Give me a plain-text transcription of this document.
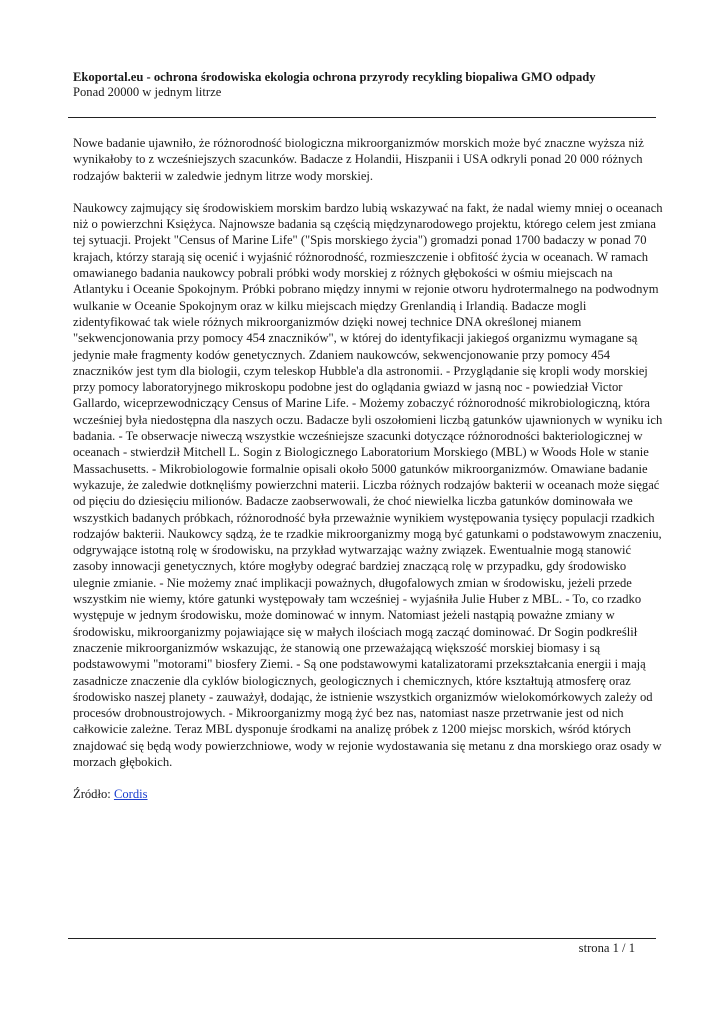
Ekoportal.eu - ochrona środowiska ekologia ochrona przyrody recykling biopaliwa GMO odpady

Ponad 20000 w jednym litrze

Nowe badanie ujawniło, że różnorodność biologiczna mikroorganizmów morskich może być znaczne wyższa niż wynikałoby to z wcześniejszych szacunków. Badacze z Holandii, Hiszpanii i USA odkryli ponad 20 000 różnych rodzajów bakterii w zaledwie jednym litrze wody morskiej.

Naukowcy zajmujący się środowiskiem morskim bardzo lubią wskazywać na fakt, że nadal wiemy mniej o oceanach niż o powierzchni Księżyca. Najnowsze badania są częścią międzynarodowego projektu, którego celem jest zmiana tej sytuacji. Projekt "Census of Marine Life" ("Spis morskiego życia") gromadzi ponad 1700 badaczy w ponad 70 krajach, którzy starają się ocenić i wyjaśnić różnorodność, rozmieszczenie i obfitość życia w oceanach. W ramach omawianego badania naukowcy pobrali próbki wody morskiej z różnych głębokości w ośmiu miejscach na Atlantyku i Oceanie Spokojnym. Próbki pobrano między innymi w rejonie otworu hydrotermalnego na podwodnym wulkanie w Oceanie Spokojnym oraz w kilku miejscach między Grenlandią i Irlandią. Badacze mogli zidentyfikować tak wiele różnych mikroorganizmów dzięki nowej technice DNA określonej mianem "sekwencjonowania przy pomocy 454 znaczników", w której do identyfikacji jakiegoś organizmu wymagane są jedynie małe fragmenty kodów genetycznych. Zdaniem naukowców, sekwencjonowanie przy pomocy 454 znaczników jest tym dla biologii, czym teleskop Hubble'a dla astronomii. - Przyglądanie się kropli wody morskiej przy pomocy laboratoryjnego mikroskopu podobne jest do oglądania gwiazd w jasną noc - powiedział Victor Gallardo, wiceprzewodniczący Census of Marine Life. - Możemy zobaczyć różnorodność mikrobiologiczną, która wcześniej była niedostępna dla naszych oczu. Badacze byli oszołomieni liczbą gatunków ujawnionych w wyniku ich badania. - Te obserwacje niweczą wszystkie wcześniejsze szacunki dotyczące różnorodności bakteriologicznej w oceanach - stwierdził Mitchell L. Sogin z Biologicznego Laboratorium Morskiego (MBL) w Woods Hole w stanie Massachusetts. - Mikrobiologowie formalnie opisali około 5000 gatunków mikroorganizmów. Omawiane badanie wykazuje, że zaledwie dotknęliśmy powierzchni materii. Liczba różnych rodzajów bakterii w oceanach może sięgać od pięciu do dziesięciu milionów. Badacze zaobserwowali, że choć niewielka liczba gatunków dominowała we wszystkich badanych próbkach, różnorodność była przeważnie wynikiem występowania tysięcy populacji rzadkich rodzajów bakterii. Naukowcy sądzą, że te rzadkie mikroorganizmy mogą być gatunkami o podstawowym znaczeniu, odgrywające istotną rolę w środowisku, na przykład wytwarzając ważny związek. Ewentualnie mogą stanowić zasoby innowacji genetycznych, które mogłyby odegrać bardziej znaczącą rolę w przypadku, gdy środowisko ulegnie zmianie. - Nie możemy znać implikacji poważnych, długofalowych zmian w środowisku, jeżeli przede wszystkim nie wiemy, które gatunki występowały tam wcześniej - wyjaśniła Julie Huber z MBL. - To, co rzadko występuje w jednym środowisku, może dominować w innym. Natomiast jeżeli nastąpią poważne zmiany w środowisku, mikroorganizmy pojawiające się w małych ilościach mogą zacząć dominować. Dr Sogin podkreślił znaczenie mikroorganizmów wskazując, że stanowią one przeważającą większość morskiej biomasy i są podstawowymi "motorami" biosfery Ziemi. - Są one podstawowymi katalizatorami przekształcania energii i mają zasadnicze znaczenie dla cyklów biologicznych, geologicznych i chemicznych, które kształtują atmosferę oraz środowisko naszej planety - zauważył, dodając, że istnienie wszystkich organizmów wielokomórkowych zależy od procesów drobnoustrojowych. - Mikroorganizmy mogą żyć bez nas, natomiast nasze przetrwanie jest od nich całkowicie zależne. Teraz MBL dysponuje środkami na analizę próbek z 1200 miejsc morskich, wśród których znajdować się będą wody powierzchniowe, wody w rejonie wydostawania się metanu z dna morskiego oraz osady w morzach głębokich.

Źródło: Cordis

strona 1 / 1
